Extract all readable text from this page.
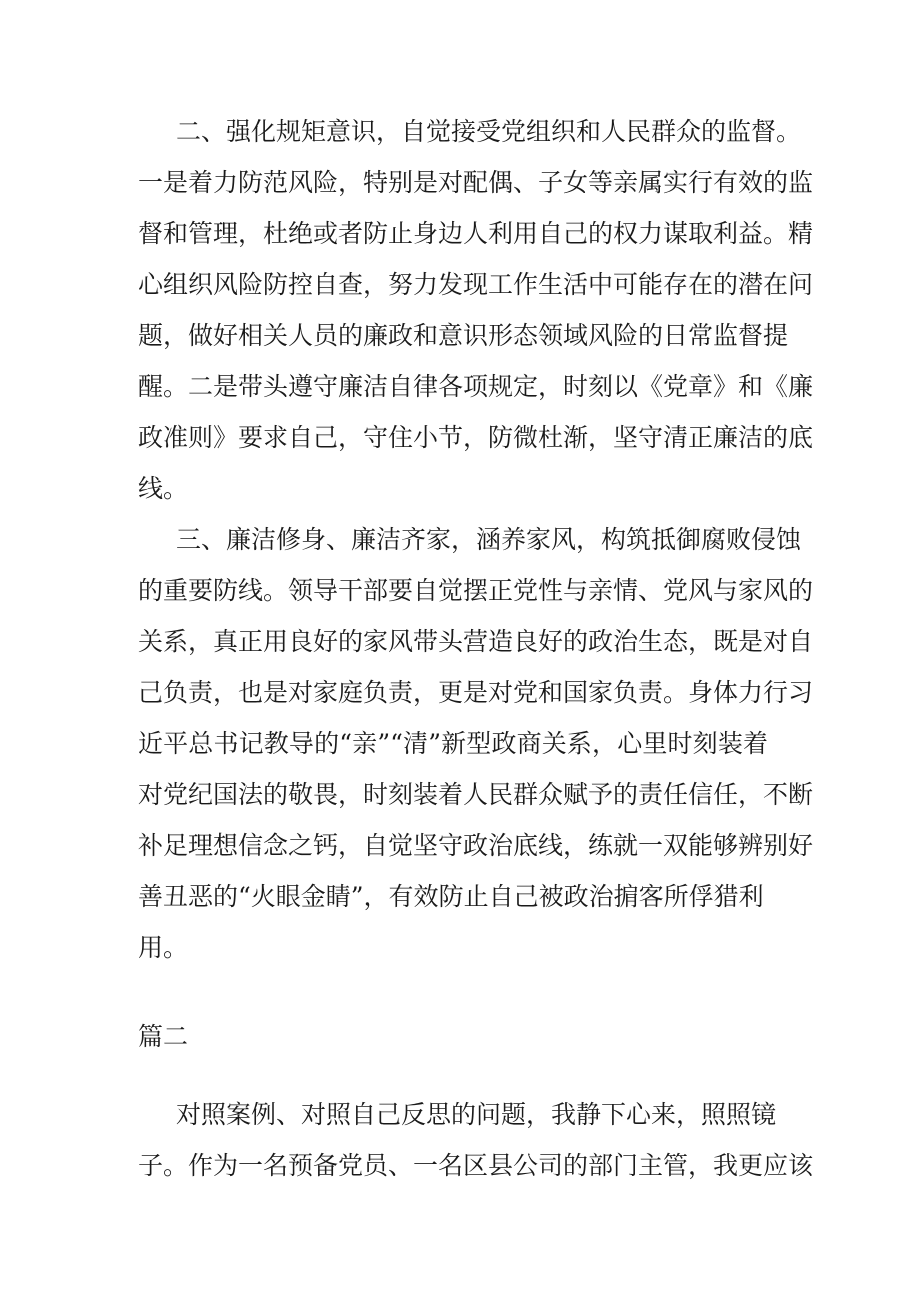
二、强化规矩意识，自觉接受党组织和人民群众的监督。
一是着力防范风险，特别是对配偶、子女等亲属实行有效的监
督和管理，杜绝或者防止身边人利用自己的权力谋取利益。精
心组织风险防控自查，努力发现工作生活中可能存在的潜在问
题，做好相关人员的廉政和意识形态领域风险的日常监督提
醒。二是带头遵守廉洁自律各项规定，时刻以《党章》和《廉
政准则》要求自己，守住小节，防微杜渐，坚守清正廉洁的底
线。
三、廉洁修身、廉洁齐家，涵养家风，构筑抵御腐败侵蚀
的重要防线。领导干部要自觉摆正党性与亲情、党风与家风的
关系，真正用良好的家风带头营造良好的政治生态，既是对自
己负责，也是对家庭负责，更是对党和国家负责。身体力行习
近平总书记教导的“亲”“清”新型政商关系，心里时刻装着
对党纪国法的敬畏，时刻装着人民群众赋予的责任信任，不断
补足理想信念之钙，自觉坚守政治底线，练就一双能够辨别好
善丑恶的“火眼金睛”，有效防止自己被政治掮客所俘猎利
用。
篇二
对照案例、对照自己反思的问题，我静下心来，照照镜
子。作为一名预备党员、一名区县公司的部门主管，我更应该
